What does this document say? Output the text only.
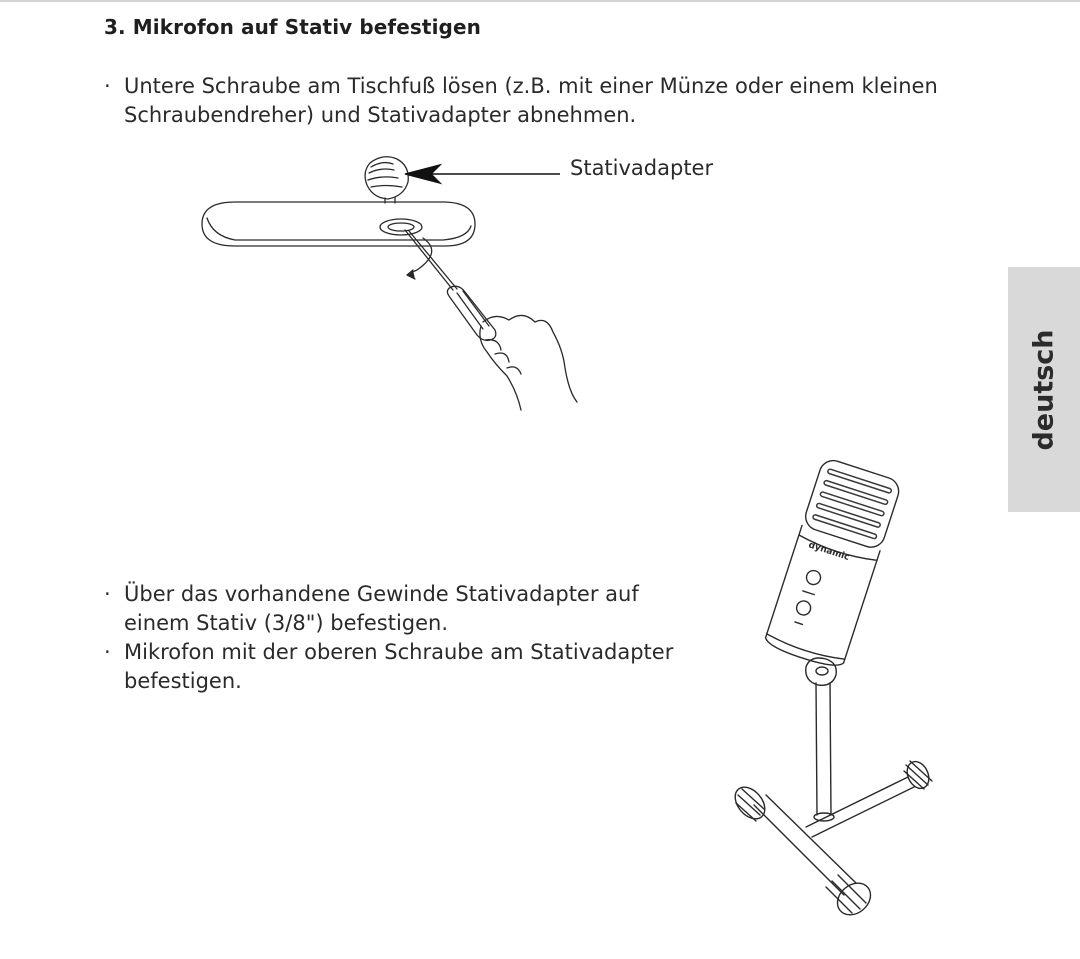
3. Mikrofon auf Stativ befestigen
· Untere Schraube am Tischfuß lösen (z.B. mit einer Münze oder einem kleinen
Schraubendreher) und Stativadapter abnehmen.
Stativadapter
· Über das vorhandene Gewinde Stativadapter auf
einem Stativ (3/8") befestigen.
· Mikrofon mit der oberen Schraube am Stativadapter
befestigen.
dynamic
deutsch
